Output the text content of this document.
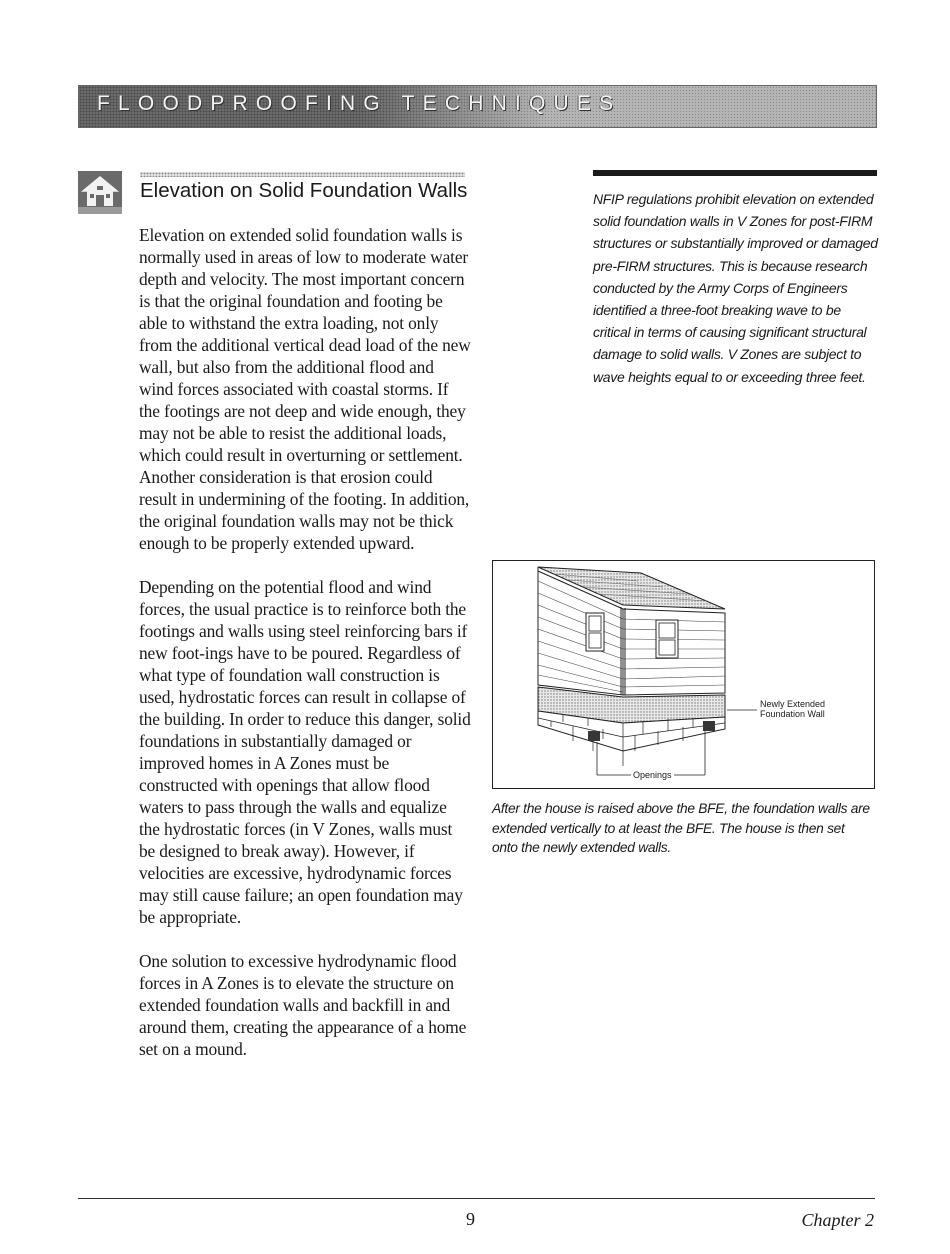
FLOODPROOFING TECHNIQUES
Elevation on Solid Foundation Walls

Elevation on extended solid foundation walls is normally used in areas of low to moderate water depth and velocity. The most important concern is that the original foundation and footing be able to withstand the extra loading, not only from the additional vertical dead load of the new wall, but also from the additional flood and wind forces associated with coastal storms. If the footings are not deep and wide enough, they may not be able to resist the additional loads, which could result in overturning or settlement. Another consideration is that erosion could result in undermining of the footing. In addition, the original foundation walls may not be thick enough to be properly extended upward.

Depending on the potential flood and wind forces, the usual practice is to reinforce both the footings and walls using steel reinforcing bars if new foot-ings have to be poured. Regardless of what type of foundation wall construction is used, hydrostatic forces can result in collapse of the building. In order to reduce this danger, solid foundations in substantially damaged or improved homes in A Zones must be constructed with openings that allow flood waters to pass through the walls and equalize the hydrostatic forces (in V Zones, walls must be designed to break away). However, if velocities are excessive, hydrodynamic forces may still cause failure; an open foundation may be appropriate.

One solution to excessive hydrodynamic flood forces in A Zones is to elevate the structure on extended foundation walls and backfill in and around them, creating the appearance of a home set on a mound.

NFIP regulations prohibit elevation on extended solid foundation walls in V Zones for post-FIRM structures or substantially improved or damaged pre-FIRM structures. This is because research conducted by the Army Corps of Engineers identified a three-foot breaking wave to be critical in terms of causing significant structural damage to solid walls. V Zones are subject to wave heights equal to or exceeding three feet.
Newly Extended
Foundation Wall
Openings
After the house is raised above the BFE, the foundation walls are extended vertically to at least the BFE. The house is then set onto the newly extended walls.
9	Chapter 2
